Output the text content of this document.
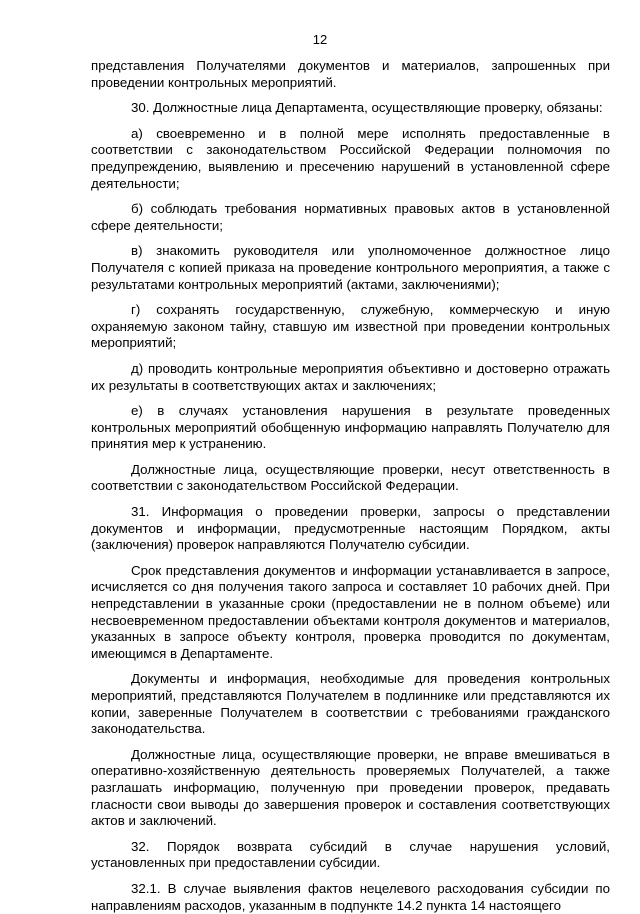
12

представления Получателями документов и материалов, запрошенных при проведении контрольных мероприятий.

30. Должностные лица Департамента, осуществляющие проверку, обязаны:

а) своевременно и в полной мере исполнять предоставленные в соответствии с законодательством Российской Федерации полномочия по предупреждению, выявлению и пресечению нарушений в установленной сфере деятельности;

б) соблюдать требования нормативных правовых актов в установленной сфере деятельности;

в) знакомить руководителя или уполномоченное должностное лицо Получателя с копией приказа на проведение контрольного мероприятия, а также с результатами контрольных мероприятий (актами, заключениями);

г) сохранять государственную, служебную, коммерческую и иную охраняемую законом тайну, ставшую им известной при проведении контрольных мероприятий;

д) проводить контрольные мероприятия объективно и достоверно отражать их результаты в соответствующих актах и заключениях;

е) в случаях установления нарушения в результате проведенных контрольных мероприятий обобщенную информацию направлять Получателю для принятия мер к устранению.

Должностные лица, осуществляющие проверки, несут ответственность в соответствии с законодательством Российской Федерации.

31. Информация о проведении проверки, запросы о представлении документов и информации, предусмотренные настоящим Порядком, акты (заключения) проверок направляются Получателю субсидии.

Срок представления документов и информации устанавливается в запросе, исчисляется со дня получения такого запроса и составляет 10 рабочих дней. При непредставлении в указанные сроки (предоставлении не в полном объеме) или несвоевременном предоставлении объектами контроля документов и материалов, указанных в запросе объекту контроля, проверка проводится по документам, имеющимся в Департаменте.

Документы и информация, необходимые для проведения контрольных мероприятий, представляются Получателем в подлиннике или представляются их копии, заверенные Получателем в соответствии с требованиями гражданского законодательства.

Должностные лица, осуществляющие проверки, не вправе вмешиваться в оперативно-хозяйственную деятельность проверяемых Получателей, а также разглашать информацию, полученную при проведении проверок, предавать гласности свои выводы до завершения проверок и составления соответствующих актов и заключений.

32. Порядок возврата субсидий в случае нарушения условий, установленных при предоставлении субсидии.

32.1. В случае выявления фактов нецелевого расходования субсидии по направлениям расходов, указанным в подпункте 14.2 пункта 14 настоящего
